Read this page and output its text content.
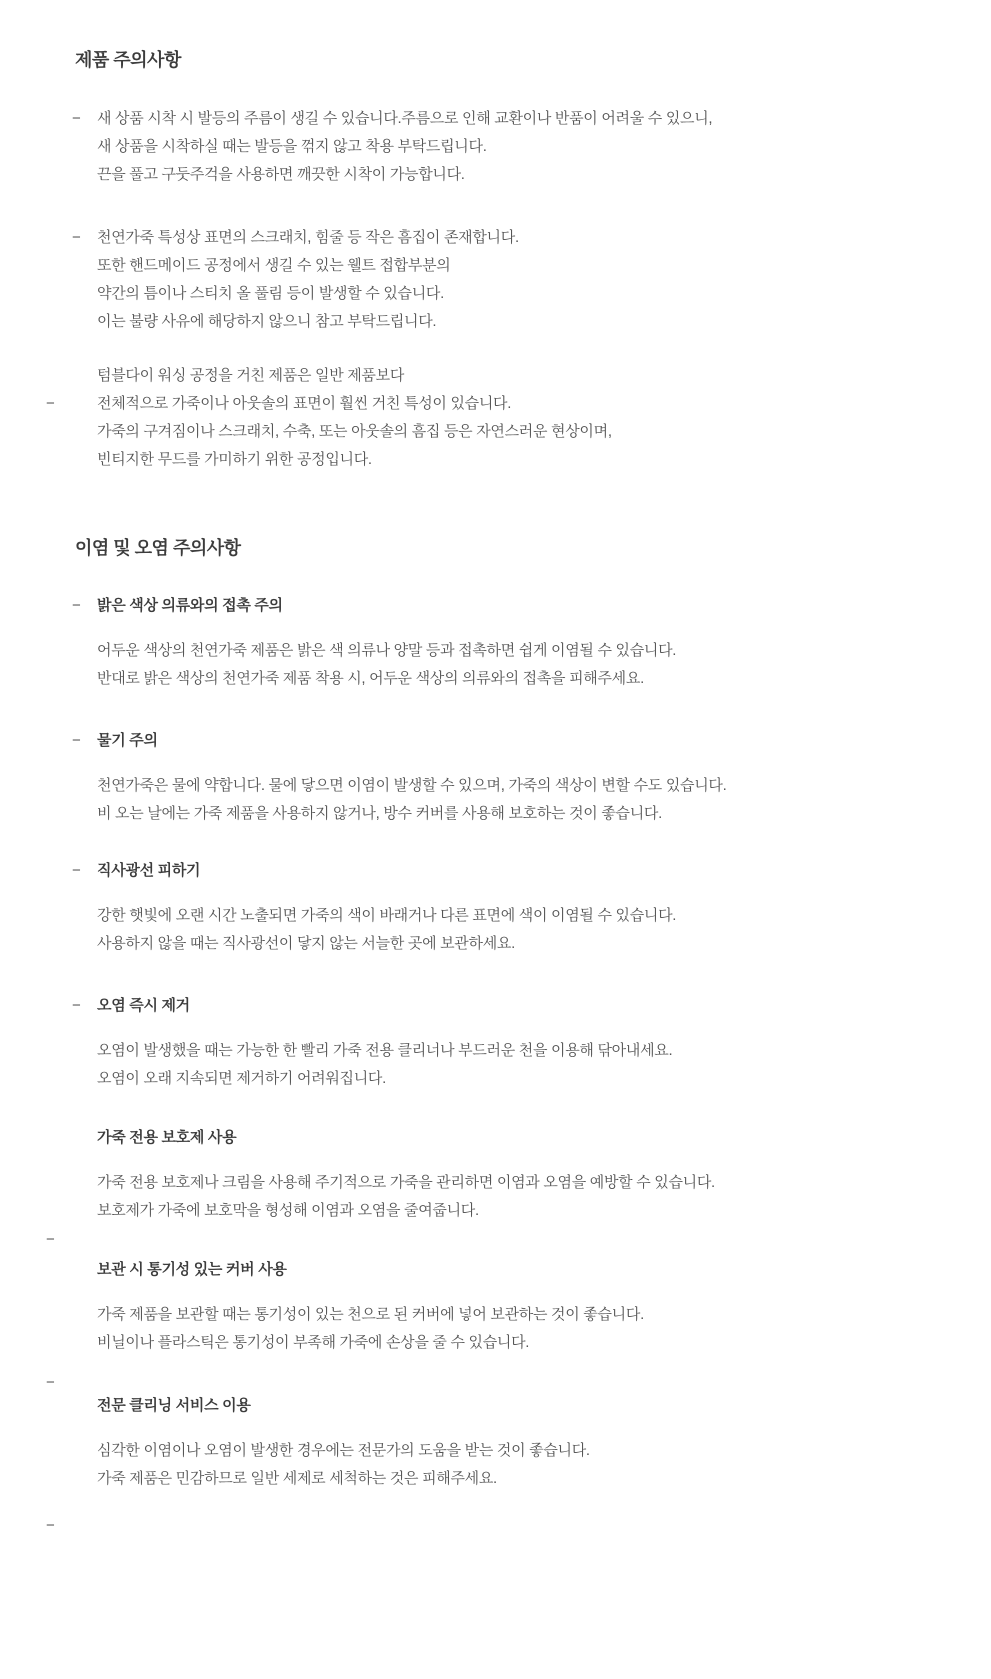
제품 주의사항
−	새 상품 시착 시 발등의 주름이 생길 수 있습니다.주름으로 인해 교환이나 반품이 어려울 수 있으니,
새 상품을 시착하실 때는 발등을 꺾지 않고 착용 부탁드립니다.
끈을 풀고 구둣주걱을 사용하면 깨끗한 시착이 가능합니다.
−	천연가죽 특성상 표면의 스크래치, 힘줄 등 작은 흠집이 존재합니다.
또한 핸드메이드 공정에서 생길 수 있는 웰트 접합부분의
약간의 틈이나 스티치 올 풀림 등이 발생할 수 있습니다.
이는 불량 사유에 해당하지 않으니 참고 부탁드립니다.
−
텀블다이 워싱 공정을 거친 제품은 일반 제품보다
전체적으로 가죽이나 아웃솔의 표면이 훨씬 거친 특성이 있습니다.
가죽의 구겨짐이나 스크래치, 수축, 또는 아웃솔의 흠집 등은 자연스러운 현상이며,
빈티지한 무드를 가미하기 위한 공정입니다.
이염 및 오염 주의사항
−	밝은 색상 의류와의 접촉 주의
어두운 색상의 천연가죽 제품은 밝은 색 의류나 양말 등과 접촉하면 쉽게 이염될 수 있습니다.
반대로 밝은 색상의 천연가죽 제품 착용 시, 어두운 색상의 의류와의 접촉을 피해주세요.
−	물기 주의
천연가죽은 물에 약합니다. 물에 닿으면 이염이 발생할 수 있으며, 가죽의 색상이 변할 수도 있습니다.
비 오는 날에는 가죽 제품을 사용하지 않거나, 방수 커버를 사용해 보호하는 것이 좋습니다.
−	직사광선 피하기
강한 햇빛에 오랜 시간 노출되면 가죽의 색이 바래거나 다른 표면에 색이 이염될 수 있습니다.
사용하지 않을 때는 직사광선이 닿지 않는 서늘한 곳에 보관하세요.
−	오염 즉시 제거
오염이 발생했을 때는 가능한 한 빨리 가죽 전용 클리너나 부드러운 천을 이용해 닦아내세요.
오염이 오래 지속되면 제거하기 어려워집니다.
가죽 전용 보호제 사용
가죽 전용 보호제나 크림을 사용해 주기적으로 가죽을 관리하면 이염과 오염을 예방할 수 있습니다.
보호제가 가죽에 보호막을 형성해 이염과 오염을 줄여줍니다.
−
보관 시 통기성 있는 커버 사용
가죽 제품을 보관할 때는 통기성이 있는 천으로 된 커버에 넣어 보관하는 것이 좋습니다.
비닐이나 플라스틱은 통기성이 부족해 가죽에 손상을 줄 수 있습니다.
−
전문 클리닝 서비스 이용
심각한 이염이나 오염이 발생한 경우에는 전문가의 도움을 받는 것이 좋습니다.
가죽 제품은 민감하므로 일반 세제로 세척하는 것은 피해주세요.
−
